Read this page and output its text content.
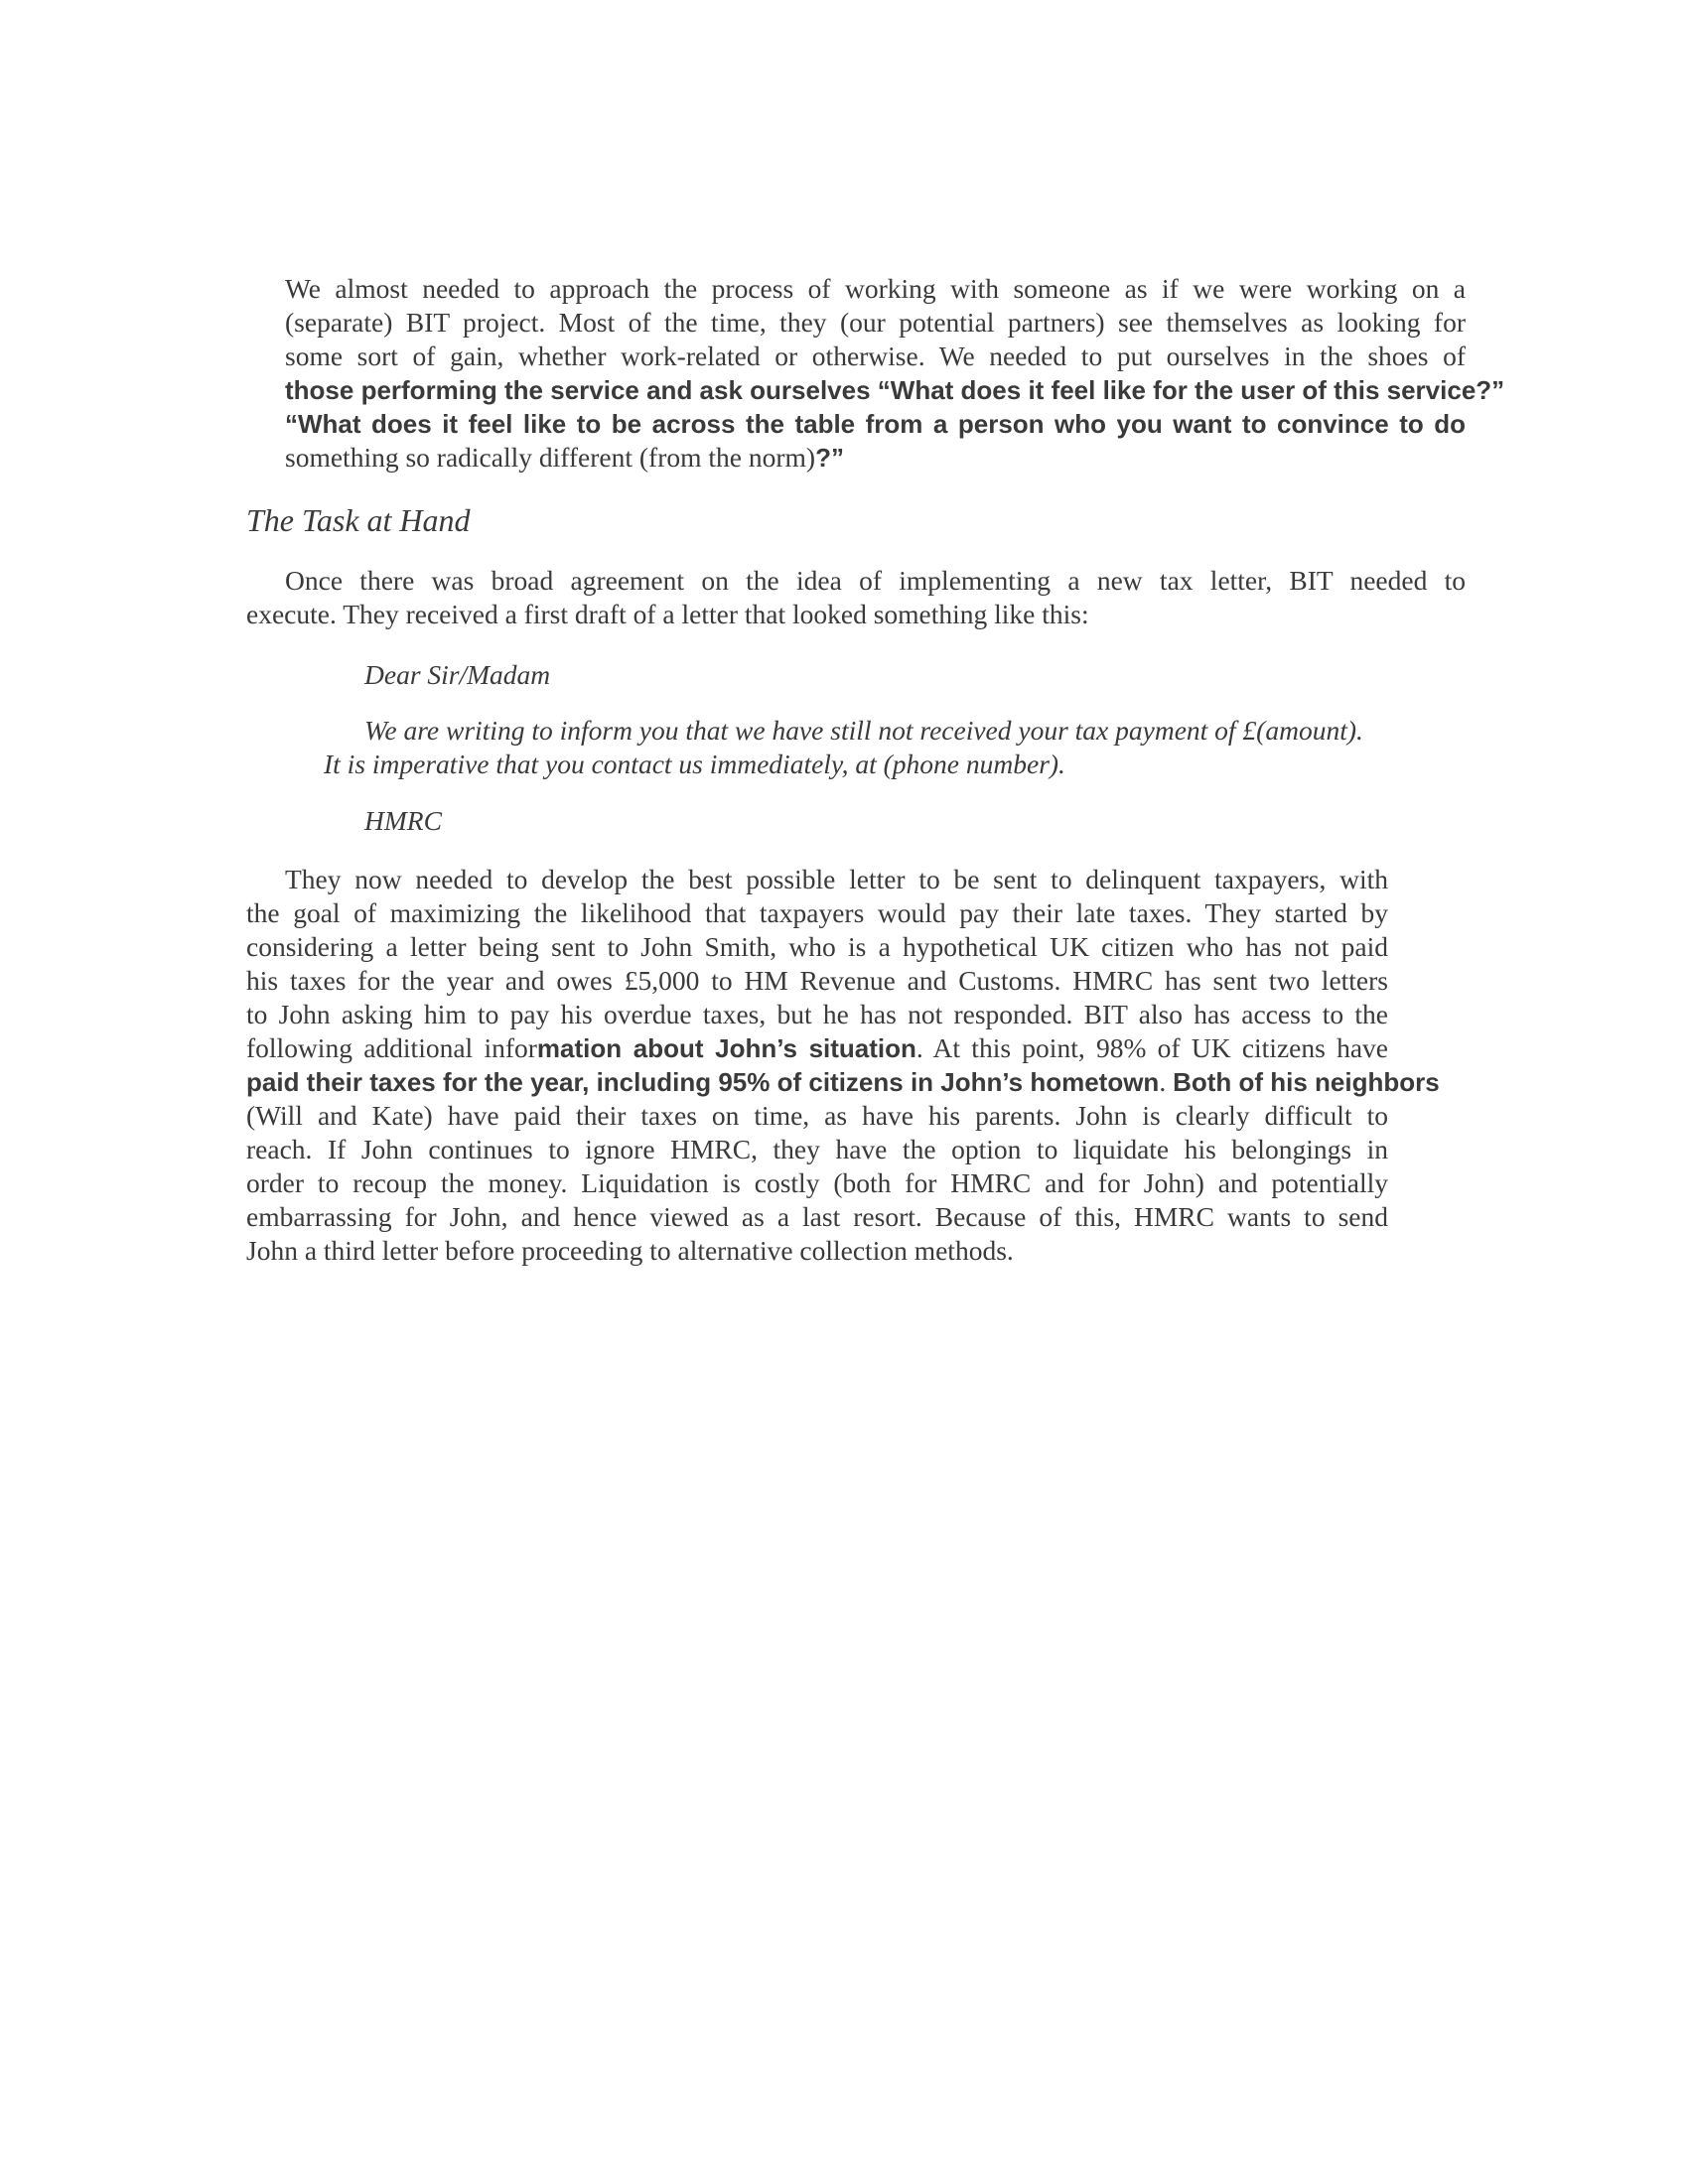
We almost needed to approach the process of working with someone as if we were working on a
(separate) BIT project. Most of the time, they (our potential partners) see themselves as looking for
some sort of gain, whether work-related or otherwise. We needed to put ourselves in the shoes of
those performing the service and ask ourselves “What does it feel like for the user of this service?”
“What does it feel like to be across the table from a person who you want to convince to do
something so radically different (from the norm)?”
The Task at Hand
Once there was broad agreement on the idea of implementing a new tax letter, BIT needed to
execute. They received a first draft of a letter that looked something like this:

Dear Sir/Madam

We are writing to inform you that we have still not received your tax payment of £(amount).
It is imperative that you contact us immediately, at (phone number).

HMRC

They now needed to develop the best possible letter to be sent to delinquent taxpayers, with
the goal of maximizing the likelihood that taxpayers would pay their late taxes. They started by
considering a letter being sent to John Smith, who is a hypothetical UK citizen who has not paid
his taxes for the year and owes £5,000 to HM Revenue and Customs. HMRC has sent two letters
to John asking him to pay his overdue taxes, but he has not responded. BIT also has access to the
following additional information about John’s situation. At this point, 98% of UK citizens have
paid their taxes for the year, including 95% of citizens in John’s hometown. Both of his neighbors
(Will and Kate) have paid their taxes on time, as have his parents. John is clearly difficult to
reach. If John continues to ignore HMRC, they have the option to liquidate his belongings in
order to recoup the money. Liquidation is costly (both for HMRC and for John) and potentially
embarrassing for John, and hence viewed as a last resort. Because of this, HMRC wants to send
John a third letter before proceeding to alternative collection methods.
